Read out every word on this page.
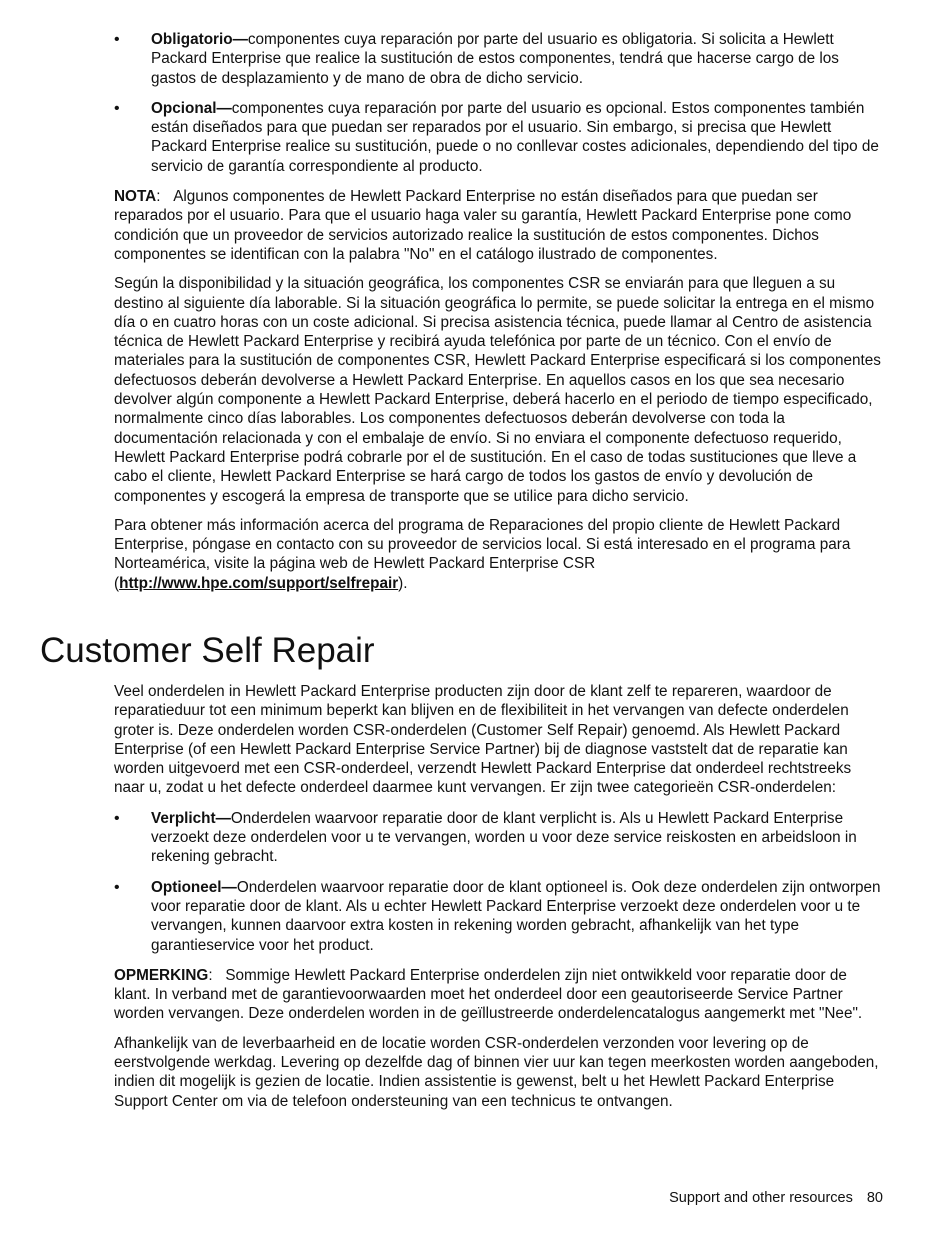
• Obligatorio—componentes cuya reparación por parte del usuario es obligatoria. Si solicita a Hewlett Packard Enterprise que realice la sustitución de estos componentes, tendrá que hacerse cargo de los gastos de desplazamiento y de mano de obra de dicho servicio.
• Opcional—componentes cuya reparación por parte del usuario es opcional. Estos componentes también están diseñados para que puedan ser reparados por el usuario. Sin embargo, si precisa que Hewlett Packard Enterprise realice su sustitución, puede o no conllevar costes adicionales, dependiendo del tipo de servicio de garantía correspondiente al producto.

NOTA:   Algunos componentes de Hewlett Packard Enterprise no están diseñados para que puedan ser reparados por el usuario. Para que el usuario haga valer su garantía, Hewlett Packard Enterprise pone como condición que un proveedor de servicios autorizado realice la sustitución de estos componentes. Dichos componentes se identifican con la palabra "No" en el catálogo ilustrado de componentes.

Según la disponibilidad y la situación geográfica, los componentes CSR se enviarán para que lleguen a su destino al siguiente día laborable. Si la situación geográfica lo permite, se puede solicitar la entrega en el mismo día o en cuatro horas con un coste adicional. Si precisa asistencia técnica, puede llamar al Centro de asistencia técnica de Hewlett Packard Enterprise y recibirá ayuda telefónica por parte de un técnico. Con el envío de materiales para la sustitución de componentes CSR, Hewlett Packard Enterprise especificará si los componentes defectuosos deberán devolverse a Hewlett Packard Enterprise. En aquellos casos en los que sea necesario devolver algún componente a Hewlett Packard Enterprise, deberá hacerlo en el periodo de tiempo especificado, normalmente cinco días laborables. Los componentes defectuosos deberán devolverse con toda la documentación relacionada y con el embalaje de envío. Si no enviara el componente defectuoso requerido, Hewlett Packard Enterprise podrá cobrarle por el de sustitución. En el caso de todas sustituciones que lleve a cabo el cliente, Hewlett Packard Enterprise se hará cargo de todos los gastos de envío y devolución de componentes y escogerá la empresa de transporte que se utilice para dicho servicio.

Para obtener más información acerca del programa de Reparaciones del propio cliente de Hewlett Packard Enterprise, póngase en contacto con su proveedor de servicios local. Si está interesado en el programa para Norteamérica, visite la página web de Hewlett Packard Enterprise CSR (http://www.hpe.com/support/selfrepair).

Customer Self Repair

Veel onderdelen in Hewlett Packard Enterprise producten zijn door de klant zelf te repareren, waardoor de reparatieduur tot een minimum beperkt kan blijven en de flexibiliteit in het vervangen van defecte onderdelen groter is. Deze onderdelen worden CSR-onderdelen (Customer Self Repair) genoemd. Als Hewlett Packard Enterprise (of een Hewlett Packard Enterprise Service Partner) bij de diagnose vaststelt dat de reparatie kan worden uitgevoerd met een CSR-onderdeel, verzendt Hewlett Packard Enterprise dat onderdeel rechtstreeks naar u, zodat u het defecte onderdeel daarmee kunt vervangen. Er zijn twee categorieën CSR-onderdelen:

• Verplicht—Onderdelen waarvoor reparatie door de klant verplicht is. Als u Hewlett Packard Enterprise verzoekt deze onderdelen voor u te vervangen, worden u voor deze service reiskosten en arbeidsloon in rekening gebracht.
• Optioneel—Onderdelen waarvoor reparatie door de klant optioneel is. Ook deze onderdelen zijn ontworpen voor reparatie door de klant. Als u echter Hewlett Packard Enterprise verzoekt deze onderdelen voor u te vervangen, kunnen daarvoor extra kosten in rekening worden gebracht, afhankelijk van het type garantieservice voor het product.

OPMERKING:   Sommige Hewlett Packard Enterprise onderdelen zijn niet ontwikkeld voor reparatie door de klant. In verband met de garantievoorwaarden moet het onderdeel door een geautoriseerde Service Partner worden vervangen. Deze onderdelen worden in de geïllustreerde onderdelencatalogus aangemerkt met "Nee".

Afhankelijk van de leverbaarheid en de locatie worden CSR-onderdelen verzonden voor levering op de eerstvolgende werkdag. Levering op dezelfde dag of binnen vier uur kan tegen meerkosten worden aangeboden, indien dit mogelijk is gezien de locatie. Indien assistentie is gewenst, belt u het Hewlett Packard Enterprise Support Center om via de telefoon ondersteuning van een technicus te ontvangen.

Support and other resources 80
